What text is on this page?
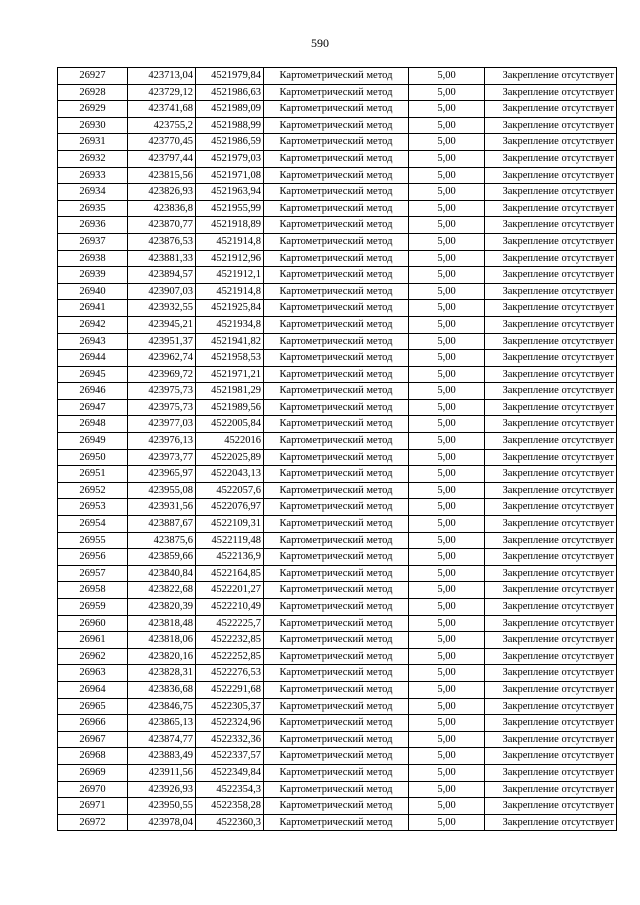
590
26927	423713,04	4521979,84	Картометрический метод	5,00	Закрепление отсутствует
26928	423729,12	4521986,63	Картометрический метод	5,00	Закрепление отсутствует
26929	423741,68	4521989,09	Картометрический метод	5,00	Закрепление отсутствует
26930	423755,2	4521988,99	Картометрический метод	5,00	Закрепление отсутствует
26931	423770,45	4521986,59	Картометрический метод	5,00	Закрепление отсутствует
26932	423797,44	4521979,03	Картометрический метод	5,00	Закрепление отсутствует
26933	423815,56	4521971,08	Картометрический метод	5,00	Закрепление отсутствует
26934	423826,93	4521963,94	Картометрический метод	5,00	Закрепление отсутствует
26935	423836,8	4521955,99	Картометрический метод	5,00	Закрепление отсутствует
26936	423870,77	4521918,89	Картометрический метод	5,00	Закрепление отсутствует
26937	423876,53	4521914,8	Картометрический метод	5,00	Закрепление отсутствует
26938	423881,33	4521912,96	Картометрический метод	5,00	Закрепление отсутствует
26939	423894,57	4521912,1	Картометрический метод	5,00	Закрепление отсутствует
26940	423907,03	4521914,8	Картометрический метод	5,00	Закрепление отсутствует
26941	423932,55	4521925,84	Картометрический метод	5,00	Закрепление отсутствует
26942	423945,21	4521934,8	Картометрический метод	5,00	Закрепление отсутствует
26943	423951,37	4521941,82	Картометрический метод	5,00	Закрепление отсутствует
26944	423962,74	4521958,53	Картометрический метод	5,00	Закрепление отсутствует
26945	423969,72	4521971,21	Картометрический метод	5,00	Закрепление отсутствует
26946	423975,73	4521981,29	Картометрический метод	5,00	Закрепление отсутствует
26947	423975,73	4521989,56	Картометрический метод	5,00	Закрепление отсутствует
26948	423977,03	4522005,84	Картометрический метод	5,00	Закрепление отсутствует
26949	423976,13	4522016	Картометрический метод	5,00	Закрепление отсутствует
26950	423973,77	4522025,89	Картометрический метод	5,00	Закрепление отсутствует
26951	423965,97	4522043,13	Картометрический метод	5,00	Закрепление отсутствует
26952	423955,08	4522057,6	Картометрический метод	5,00	Закрепление отсутствует
26953	423931,56	4522076,97	Картометрический метод	5,00	Закрепление отсутствует
26954	423887,67	4522109,31	Картометрический метод	5,00	Закрепление отсутствует
26955	423875,6	4522119,48	Картометрический метод	5,00	Закрепление отсутствует
26956	423859,66	4522136,9	Картометрический метод	5,00	Закрепление отсутствует
26957	423840,84	4522164,85	Картометрический метод	5,00	Закрепление отсутствует
26958	423822,68	4522201,27	Картометрический метод	5,00	Закрепление отсутствует
26959	423820,39	4522210,49	Картометрический метод	5,00	Закрепление отсутствует
26960	423818,48	4522225,7	Картометрический метод	5,00	Закрепление отсутствует
26961	423818,06	4522232,85	Картометрический метод	5,00	Закрепление отсутствует
26962	423820,16	4522252,85	Картометрический метод	5,00	Закрепление отсутствует
26963	423828,31	4522276,53	Картометрический метод	5,00	Закрепление отсутствует
26964	423836,68	4522291,68	Картометрический метод	5,00	Закрепление отсутствует
26965	423846,75	4522305,37	Картометрический метод	5,00	Закрепление отсутствует
26966	423865,13	4522324,96	Картометрический метод	5,00	Закрепление отсутствует
26967	423874,77	4522332,36	Картометрический метод	5,00	Закрепление отсутствует
26968	423883,49	4522337,57	Картометрический метод	5,00	Закрепление отсутствует
26969	423911,56	4522349,84	Картометрический метод	5,00	Закрепление отсутствует
26970	423926,93	4522354,3	Картометрический метод	5,00	Закрепление отсутствует
26971	423950,55	4522358,28	Картометрический метод	5,00	Закрепление отсутствует
26972	423978,04	4522360,3	Картометрический метод	5,00	Закрепление отсутствует
